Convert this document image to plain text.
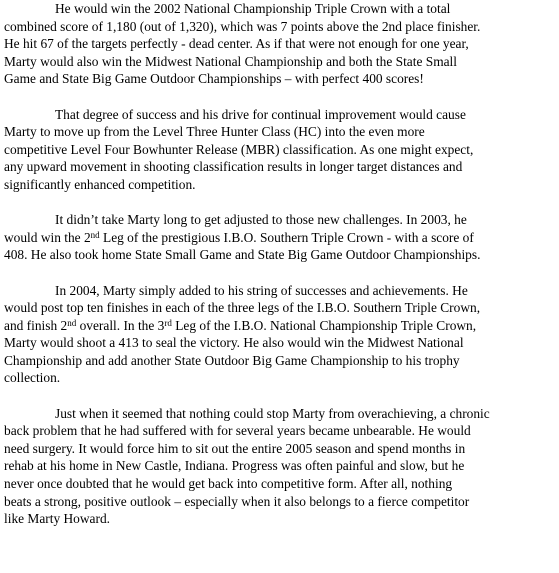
He would win the 2002 National Championship Triple Crown with a total
combined score of 1,180 (out of 1,320), which was 7 points above the 2nd place finisher.
He hit 67 of the targets perfectly - dead center. As if that were not enough for one year,
Marty would also win the Midwest National Championship and both the State Small
Game and State Big Game Outdoor Championships – with perfect 400 scores!

That degree of success and his drive for continual improvement would cause
Marty to move up from the Level Three Hunter Class (HC) into the even more
competitive Level Four Bowhunter Release (MBR) classification. As one might expect,
any upward movement in shooting classification results in longer target distances and
significantly enhanced competition.

It didn’t take Marty long to get adjusted to those new challenges. In 2003, he
would win the 2nd Leg of the prestigious I.B.O. Southern Triple Crown - with a score of
408. He also took home State Small Game and State Big Game Outdoor Championships.

In 2004, Marty simply added to his string of successes and achievements. He
would post top ten finishes in each of the three legs of the I.B.O. Southern Triple Crown,
and finish 2nd overall. In the 3rd Leg of the I.B.O. National Championship Triple Crown,
Marty would shoot a 413 to seal the victory. He also would win the Midwest National
Championship and add another State Outdoor Big Game Championship to his trophy
collection.

Just when it seemed that nothing could stop Marty from overachieving, a chronic
back problem that he had suffered with for several years became unbearable. He would
need surgery. It would force him to sit out the entire 2005 season and spend months in
rehab at his home in New Castle, Indiana. Progress was often painful and slow, but he
never once doubted that he would get back into competitive form. After all, nothing
beats a strong, positive outlook – especially when it also belongs to a fierce competitor
like Marty Howard.
